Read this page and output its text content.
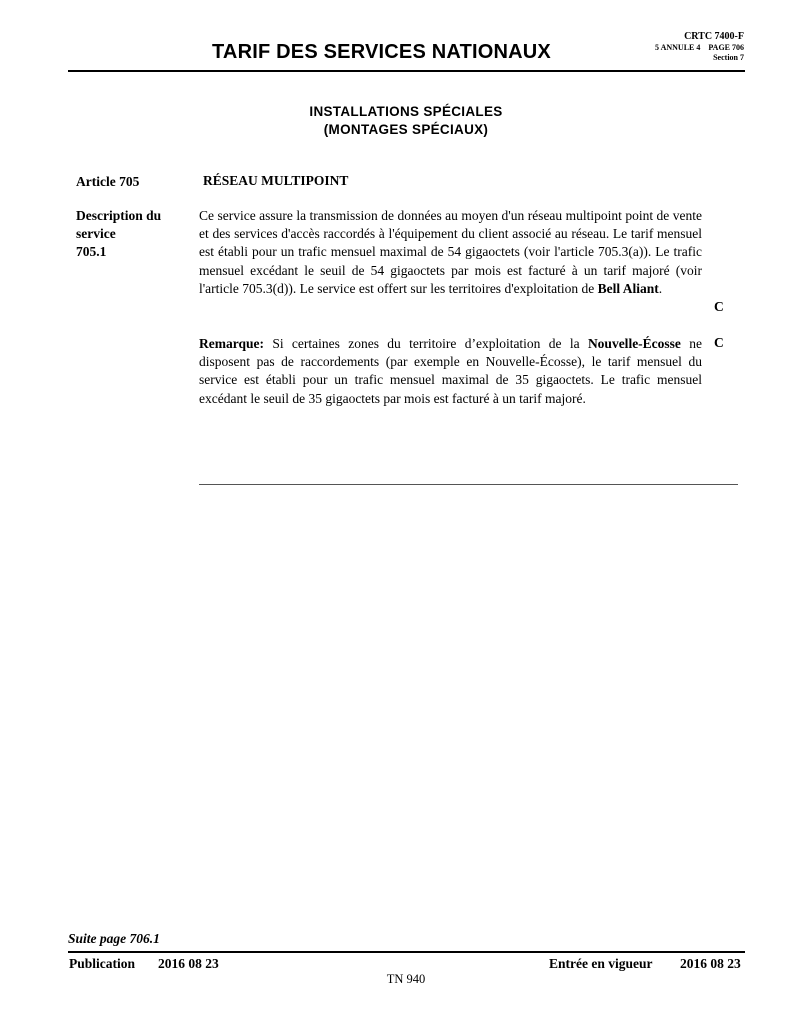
TARIF DES SERVICES NATIONAUX
CRTC 7400-F
5 ANNULE 4    PAGE 706
Section 7
INSTALLATIONS SPÉCIALES
(MONTAGES SPÉCIAUX)
Article 705	RÉSEAU MULTIPOINT
Description du
service
705.1

Ce service assure la transmission de données au moyen d'un réseau multipoint point de vente et des services d'accès raccordés à l'équipement du client associé au réseau. Le tarif mensuel est établi pour un trafic mensuel maximal de 54 gigaoctets (voir l'article 705.3(a)). Le trafic mensuel excédant le seuil de 54 gigaoctets par mois est facturé à un tarif majoré (voir l'article 705.3(d)). Le service est offert sur les territoires d'exploitation de Bell Aliant.

Remarque: Si certaines zones du territoire d’exploitation de la Nouvelle-Écosse ne disposent pas de raccordements (par exemple en Nouvelle-Écosse), le tarif mensuel du service est établi pour un trafic mensuel maximal de 35 gigaoctets. Le trafic mensuel excédant le seuil de 35 gigaoctets par mois est facturé à un tarif majoré.

C
C
Suite page 706.1
Publication 2016 08 23	Entrée en vigueur 2016 08 23
TN 940
